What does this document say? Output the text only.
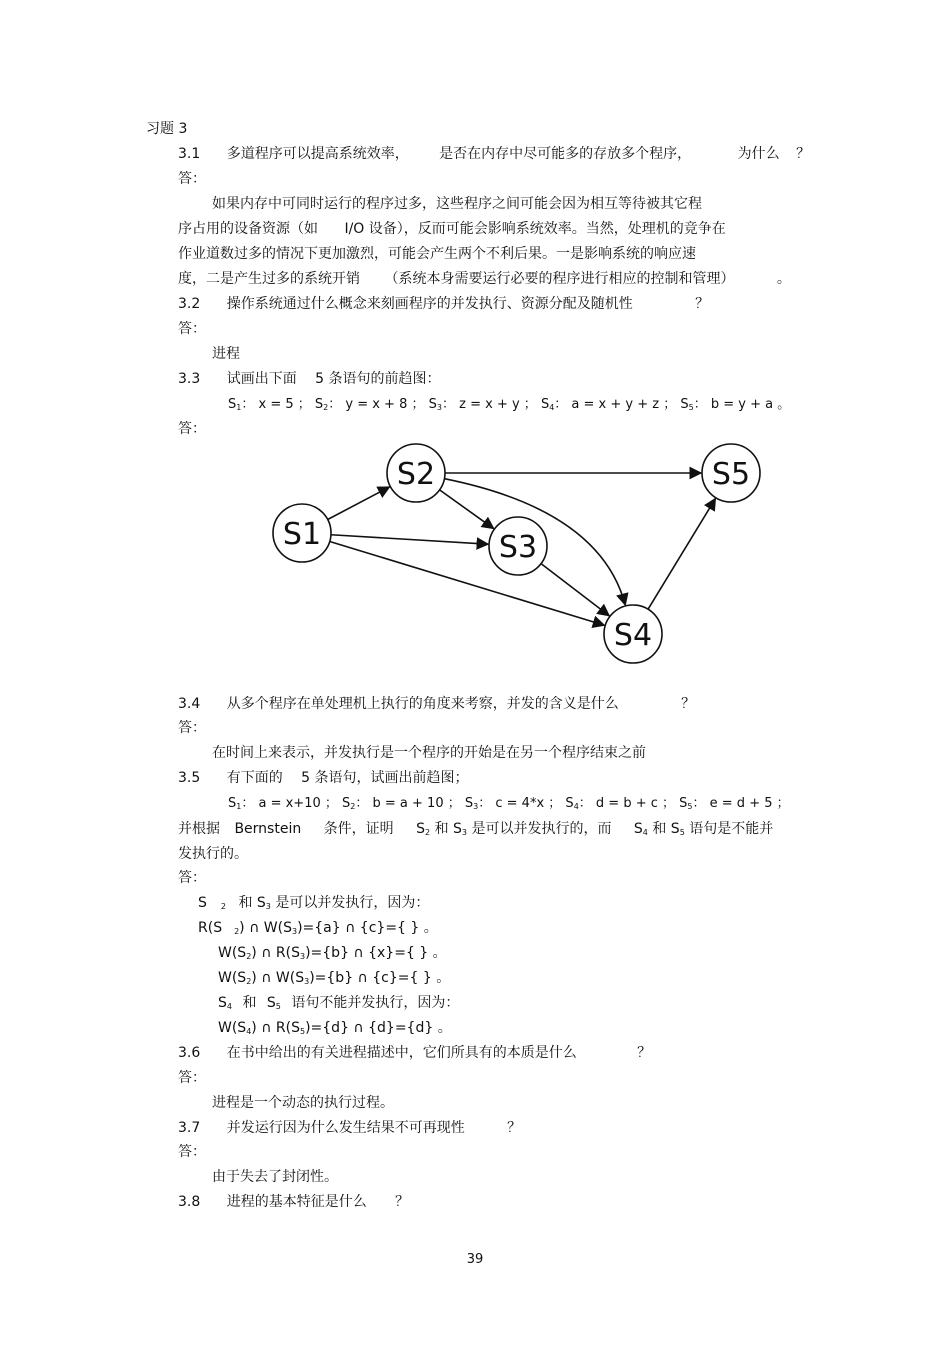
习题 3
3.1 多道程序可以提高系统效率， 是否在内存中尽可能多的存放多个程序，	为什么 ？
答：
如果内存中可同时运行的程序过多，这些程序之间可能会因为相互等待被其它程
序占用的设备资源（如 I/O 设备），反而可能会影响系统效率。当然，处理机的竞争在
作业道数过多的情况下更加激烈，可能会产生两个不利后果。一是影响系统的响应速
度，二是产生过多的系统开销 （系统本身需要运行必要的程序进行相应的控制和管理）	。
3.2 操作系统通过什么概念来刻画程序的并发执行、资源分配及随机性	？
答：
进程
3.3 试画出下面 5 条语句的前趋图：
$S_1$： x = 5 ； $S_2$： y = x + 8 ； $S_3$： z = x + y ； $S_4$： a = x + y + z ； $S_5$： b = y + a 。
答：
S1
S2
S3
S4
S5
3.4 从多个程序在单处理机上执行的角度来考察，并发的含义是什么	？
答：
在时间上来表示，并发执行是一个程序的开始是在另一个程序结束之前
3.5 有下面的 5 条语句，试画出前趋图；
$S_1$： a = x+10 ； $S_2$： b = a + 10 ； $S_3$： c = 4*x ； $S_4$： d = b + c ； $S_5$： e = d + 5 ；
并根据 Bernstein 条件，证明 $S_2$ 和 $S_3$ 是可以并发执行的，而 $S_4$ 和 $S_5$ 语句是不能并
发执行的。
答：
S $_2$ 和 $S_3$ 是可以并发执行，因为：
R(S $_2$) ∩ $W(S_3)=\{a\}$ ∩ {c}={ } 。
$W(S_2)$ ∩ $R(S_3)=\{b\}$ ∩ {x}={ } 。
$W(S_2)$ ∩ $W(S_3)=\{b\}$ ∩ {c}={ } 。
$S_4$ 和 $S_5$ 语句不能并发执行，因为：
$W(S_4)$ ∩ $R(S_5)=\{d\}$ ∩ {d}={d} 。
3.6 在书中给出的有关进程描述中，它们所具有的本质是什么	？
答：
进程是一个动态的执行过程。
3.7 并发运行因为什么发生结果不可再现性	？
答：
由于失去了封闭性。
3.8 进程的基本特征是什么 ？
39
